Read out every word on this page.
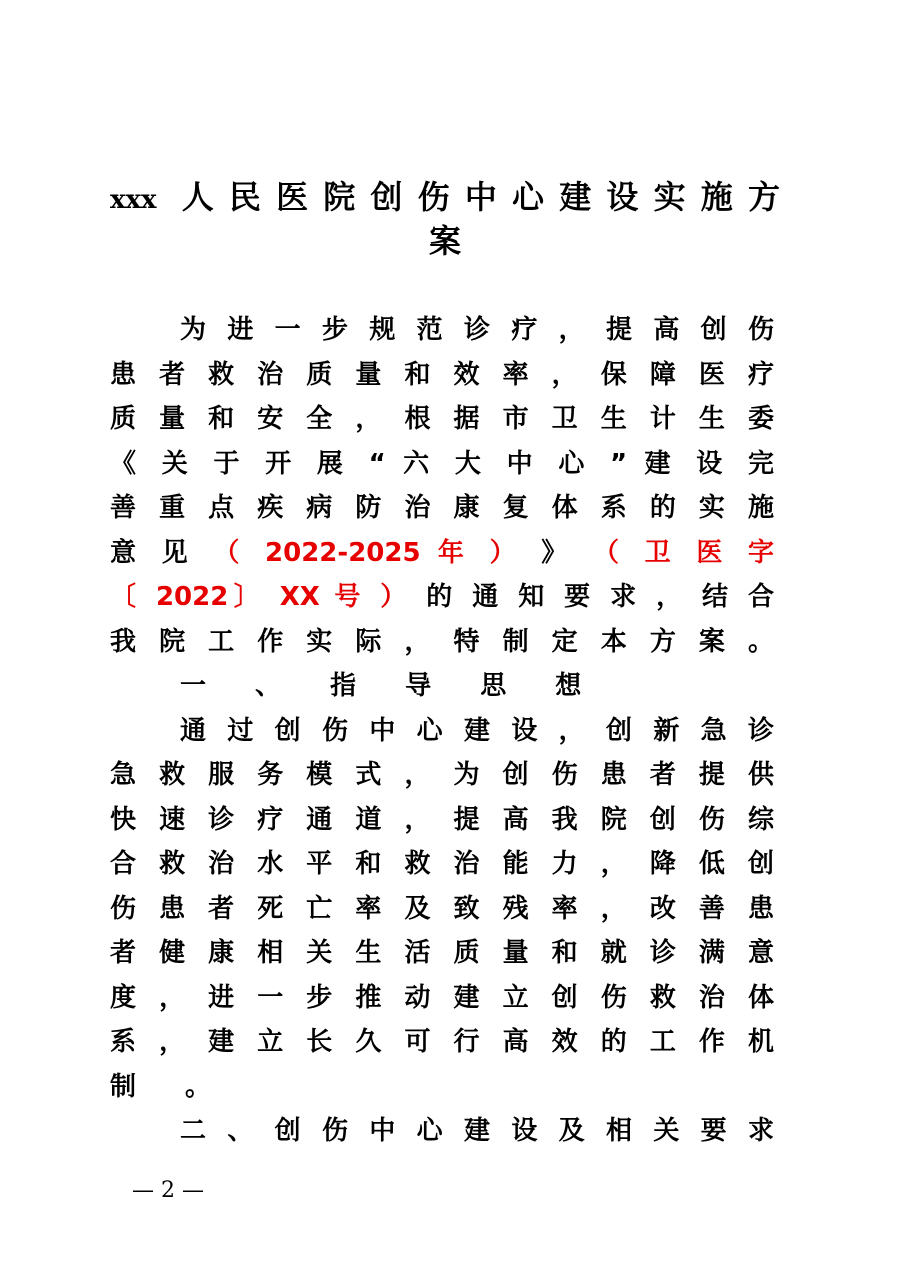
xxx 人 民 医 院 创 伤 中 心 建 设 实 施 方
案
为 进 一 步 规 范 诊 疗 ， 提 高 创 伤
患 者 救 治 质 量 和 效 率 ， 保 障 医 疗
质 量 和 安 全 ， 根 据 市 卫 生 计 生 委
《 关 于 开 展 “ 六 大 中 心 ” 建 设 完
善 重 点 疾 病 防 治 康 复 体 系 的 实 施
意 见 （ 2022-2025 年 ） 》 （ 卫 医 字
〔 2022〕 XX 号 ） 的 通 知 要 求 ， 结 合
我 院 工 作 实 际 ， 特 制 定 本 方 案 。
一 、 指 导 思 想
通 过 创 伤 中 心 建 设 ， 创 新 急 诊
急 救 服 务 模 式 ， 为 创 伤 患 者 提 供
快 速 诊 疗 通 道 ， 提 高 我 院 创 伤 综
合 救 治 水 平 和 救 治 能 力 ， 降 低 创
伤 患 者 死 亡 率 及 致 残 率 ， 改 善 患
者 健 康 相 关 生 活 质 量 和 就 诊 满 意
度 ， 进 一 步 推 动 建 立 创 伤 救 治 体
系 ， 建 立 长 久 可 行 高 效 的 工 作 机
制 。
二 、 创 伤 中 心 建 设 及 相 关 要 求
— 2 —
